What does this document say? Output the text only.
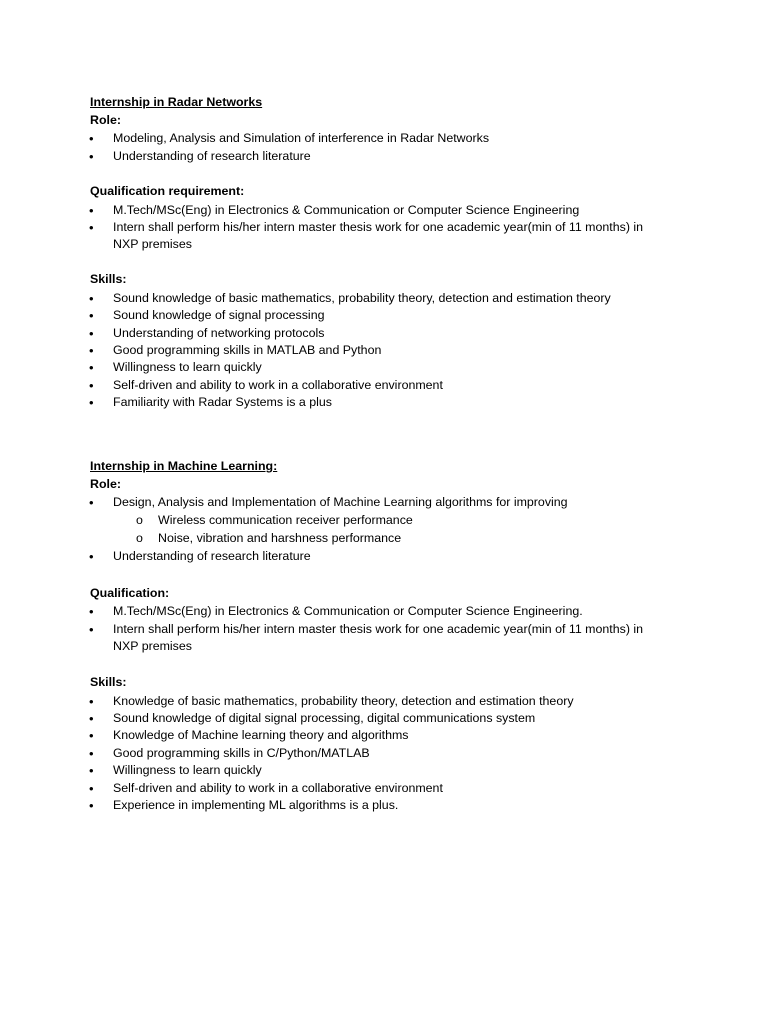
Internship in Radar Networks
Role:
•	Modeling, Analysis and Simulation of interference in Radar Networks
•	Understanding of research literature
Qualification requirement:
•	M.Tech/MSc(Eng) in Electronics & Communication or Computer Science Engineering
•	Intern shall perform his/her intern master thesis work for one academic year(min of 11 months) in
NXP premises
Skills:
•	Sound knowledge of basic mathematics, probability theory, detection and estimation theory
•	Sound knowledge of signal processing
•	Understanding of networking protocols
•	Good programming skills in MATLAB and Python
•	Willingness to learn quickly
•	Self-driven and ability to work in a collaborative environment
•	Familiarity with Radar Systems is a plus
Internship in Machine Learning:
Role:
•	Design, Analysis and Implementation of Machine Learning algorithms for improving
o Wireless communication receiver performance
o Noise, vibration and harshness performance
•	Understanding of research literature
Qualification:
•	M.Tech/MSc(Eng) in Electronics & Communication or Computer Science Engineering.
•	Intern shall perform his/her intern master thesis work for one academic year(min of 11 months) in
NXP premises
Skills:
•	Knowledge of basic mathematics, probability theory, detection and estimation theory
•	Sound knowledge of digital signal processing, digital communications system
•	Knowledge of Machine learning theory and algorithms
•	Good programming skills in C/Python/MATLAB
•	Willingness to learn quickly
•	Self-driven and ability to work in a collaborative environment
•	Experience in implementing ML algorithms is a plus.
